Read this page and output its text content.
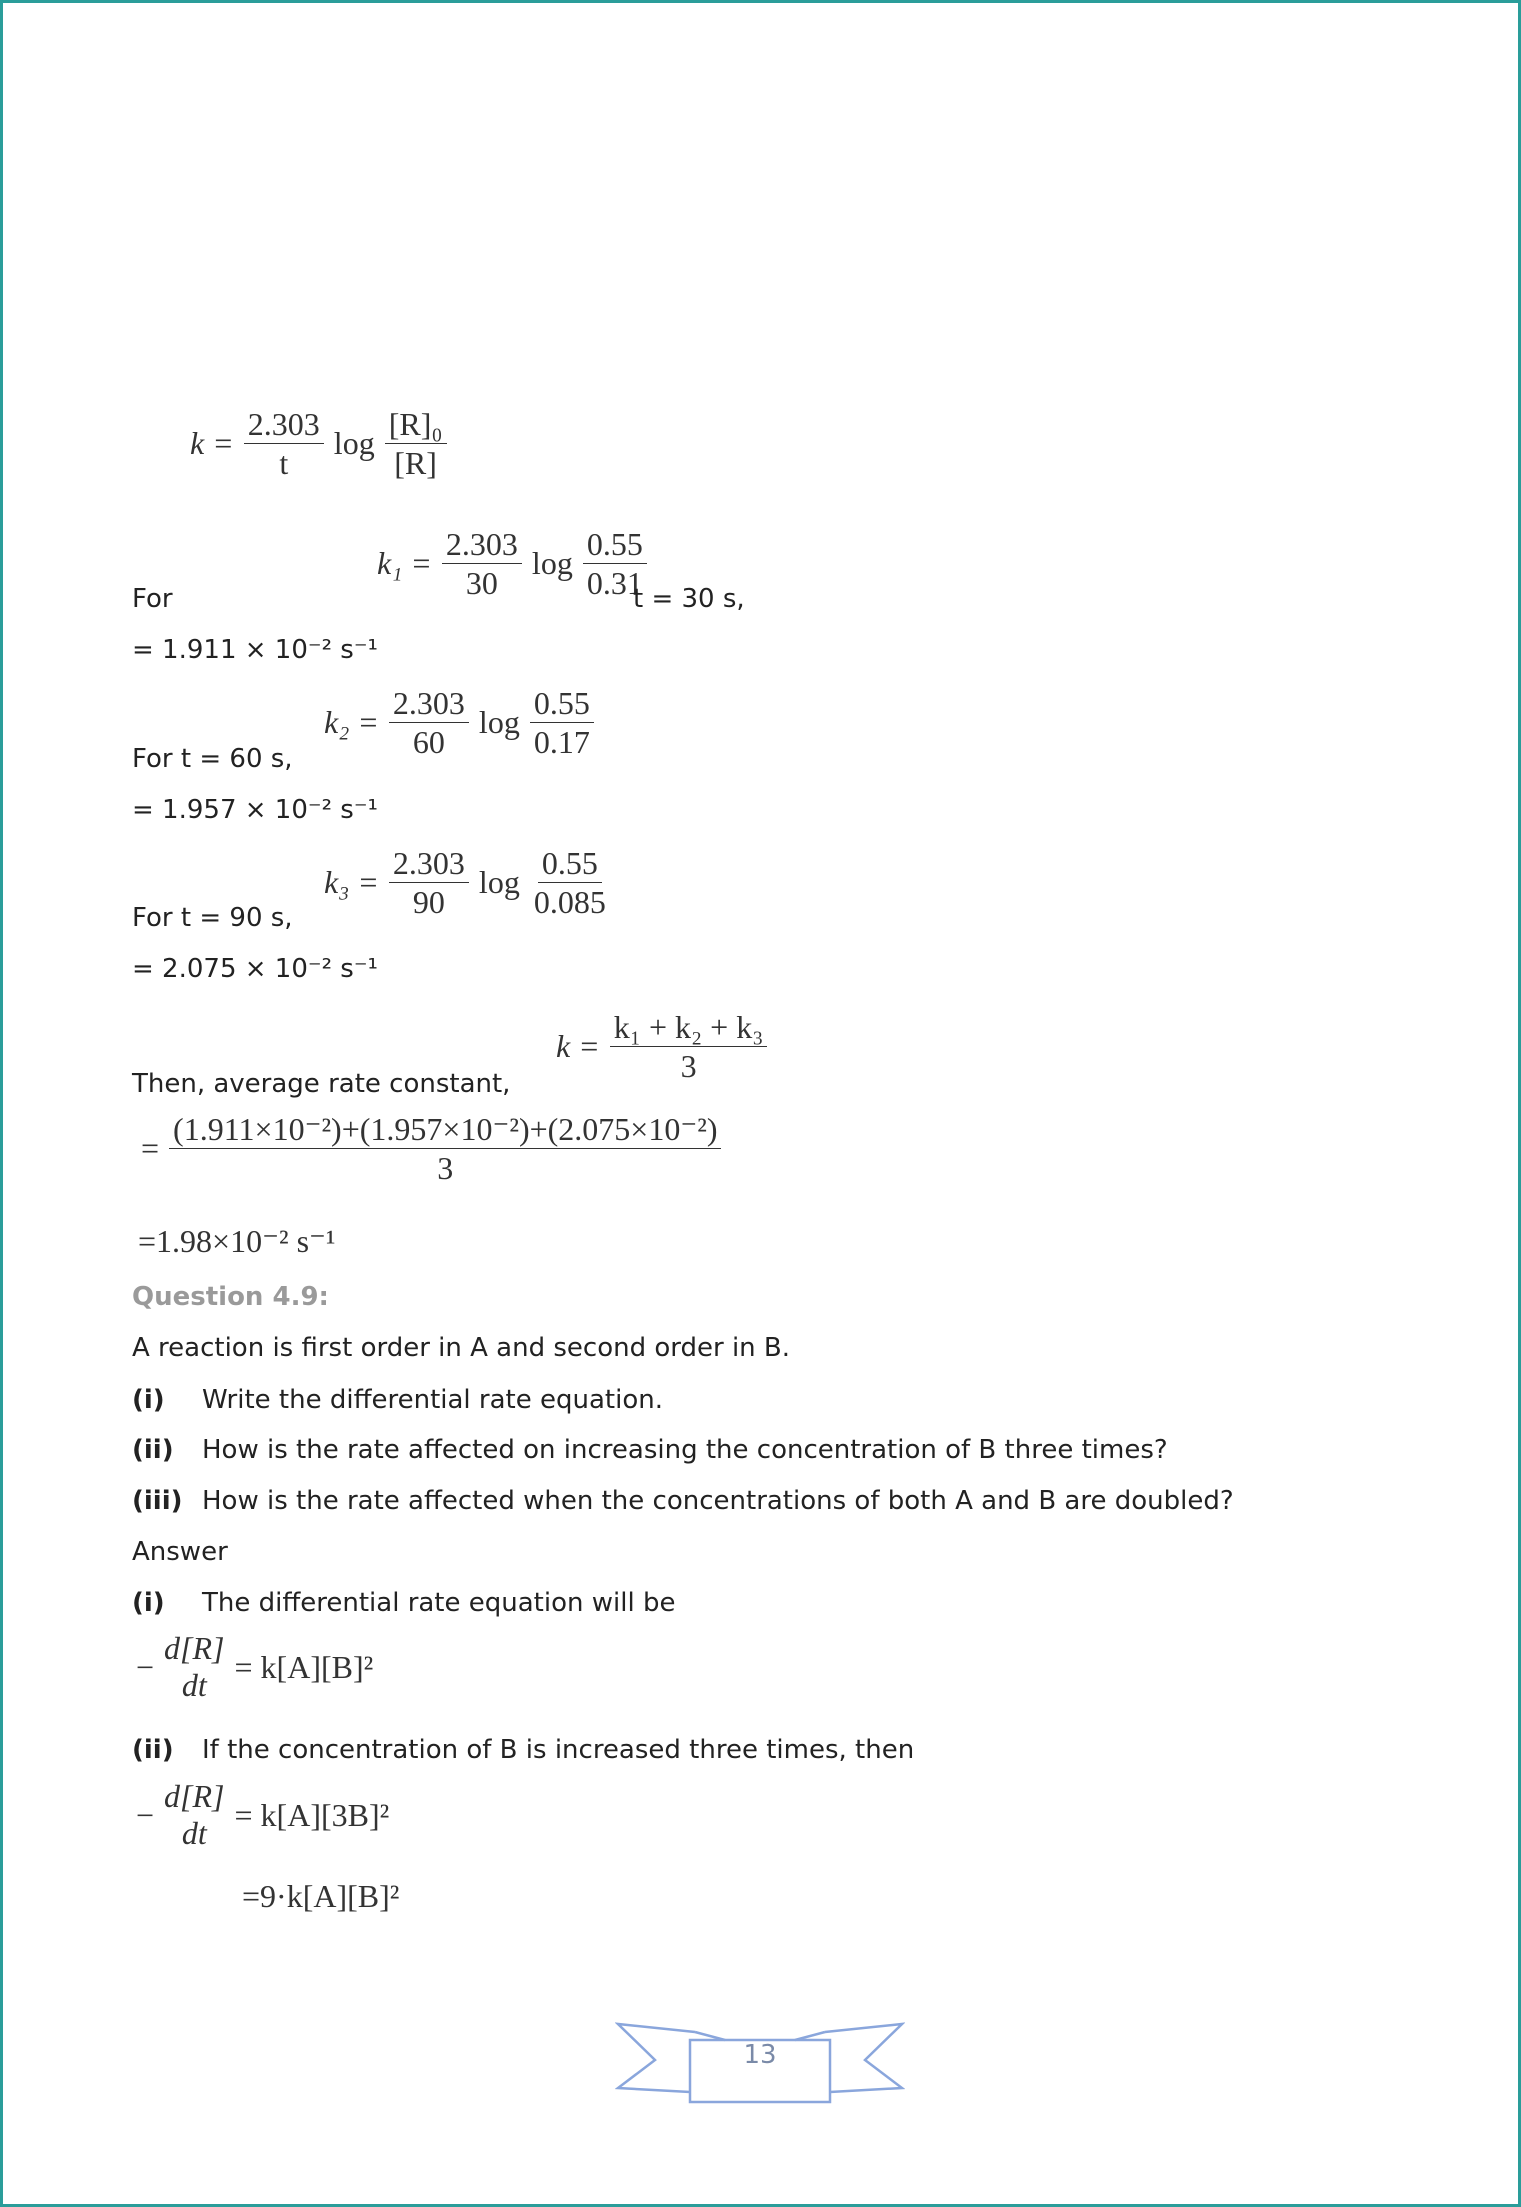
$k = \frac{2.303}{t}$ $\log \frac{\text{[R]₀}}{[R]}$
$k_1 = \frac{2.303}{30}$ $\log \frac{0.55}{0.31}$
For	t = 30 s,
= 1.911 × 10⁻² s⁻¹
$k_2 = \frac{2.303}{60}$ $\log \frac{0.55}{0.17}$
For t = 60 s,
= 1.957 × 10⁻² s⁻¹
$k_3 = \frac{2.303}{90}$ $\log \frac{0.55}{0.085}$
For t = 90 s,
= 2.075 × 10⁻² s⁻¹
$k = \frac{\text{k₁ + k₂ + k₃}}{3}$
Then, average rate constant,
= $\frac{\text{(1.911×10⁻²)+(1.957×10⁻²)+(2.075×10⁻²)}}{3}$
=1.98×10⁻² s⁻¹
Question 4.9:
A reaction is first order in A and second order in B.
(i) Write the differential rate equation.
(ii) How is the rate affected on increasing the concentration of B three times?
(iii) How is the rate affected when the concentrations of both A and B are doubled?
Answer
(i) The differential rate equation will be
−
d[R]
dt
= k[A][B]²
(ii) If the concentration of B is increased three times, then
−
d[R]
dt
= k[A][3B]²
=9·k[A][B]²
13
